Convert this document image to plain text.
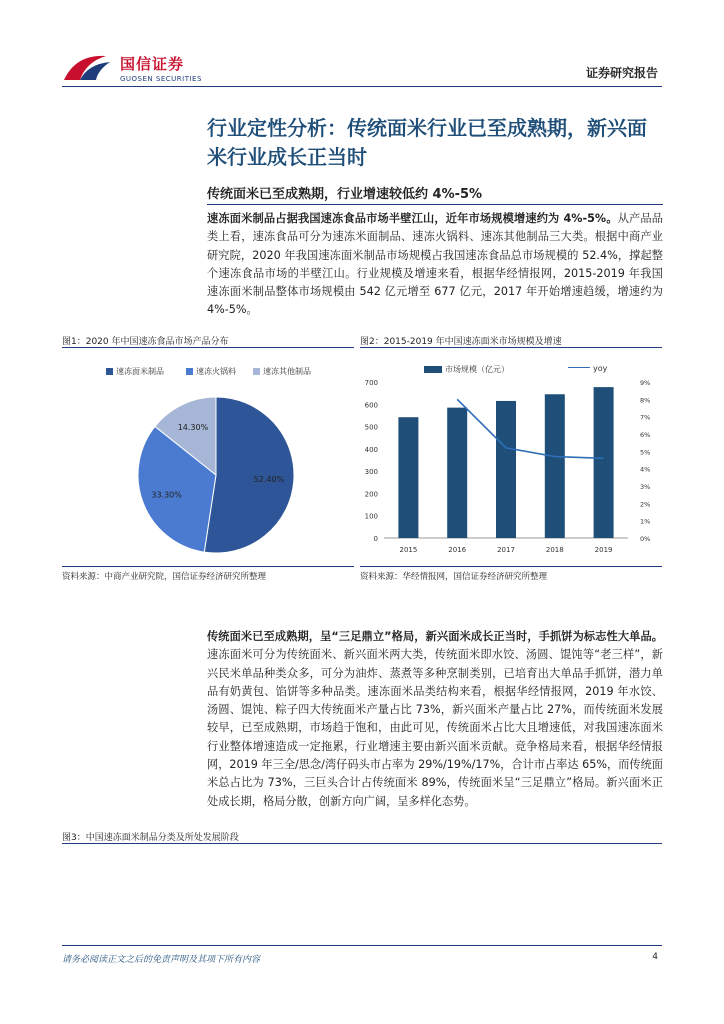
国信证券
GUOSEN SECURITIES	证券研究报告
行业定性分析：传统面米行业已至成熟期，新兴面米行业成长正当时
传统面米已至成熟期，行业增速较低约 4%-5%
速冻面米制品占据我国速冻食品市场半壁江山，近年市场规模增速约为 4%-5%。从产品品类上看，速冻食品可分为速冻米面制品、速冻火锅料、速冻其他制品三大类。根据中商产业研究院，2020 年我国速冻面米制品市场规模占我国速冻食品总市场规模的 52.4%，撑起整个速冻食品市场的半壁江山。行业规模及增速来看，根据华经情报网，2015-2019 年我国速冻面米制品整体市场规模由 542 亿元增至 677 亿元，2017 年开始增速趋缓，增速约为 4%-5%。
图1：2020 年中国速冻食品市场产品分布
速冻面米制品	速冻火锅料	速冻其他制品
52.40%
33.30%
14.30%
资料来源：中商产业研究院，国信证券经济研究所整理
图2：2015-2019 年中国速冻面米市场规模及增速
市场规模（亿元）	yoy
0
100
200
300
400
500
600
700
0%
1%
2%
3%
4%
5%
6%
7%
8%
9%
2015	2016	2017	2018	2019
资料来源：华经情报网，国信证券经济研究所整理
传统面米已至成熟期，呈“三足鼎立”格局，新兴面米成长正当时，手抓饼为标志性大单品。速冻面米可分为传统面米、新兴面米两大类，传统面米即水饺、汤圆、馄饨等“老三样”，新兴民米单品种类众多，可分为油炸、蒸煮等多种烹制类别，已培育出大单品手抓饼，潜力单品有奶黄包、馅饼等多种品类。速冻面米品类结构来看，根据华经情报网，2019 年水饺、汤圆、馄饨、粽子四大传统面米产量占比 73%，新兴面米产量占比 27%，而传统面米发展较早，已至成熟期，市场趋于饱和，由此可见，传统面米占比大且增速低，对我国速冻面米行业整体增速造成一定拖累，行业增速主要由新兴面米贡献。竞争格局来看，根据华经情报网，2019 年三全/思念/湾仔码头市占率为 29%/19%/17%，合计市占率达 65%，而传统面米总占比为 73%，三巨头合计占传统面米 89%，传统面米呈“三足鼎立”格局。新兴面米正处成长期，格局分散，创新方向广阔，呈多样化态势。
图3：中国速冻面米制品分类及所处发展阶段
请务必阅读正文之后的免责声明及其项下所有内容	4
